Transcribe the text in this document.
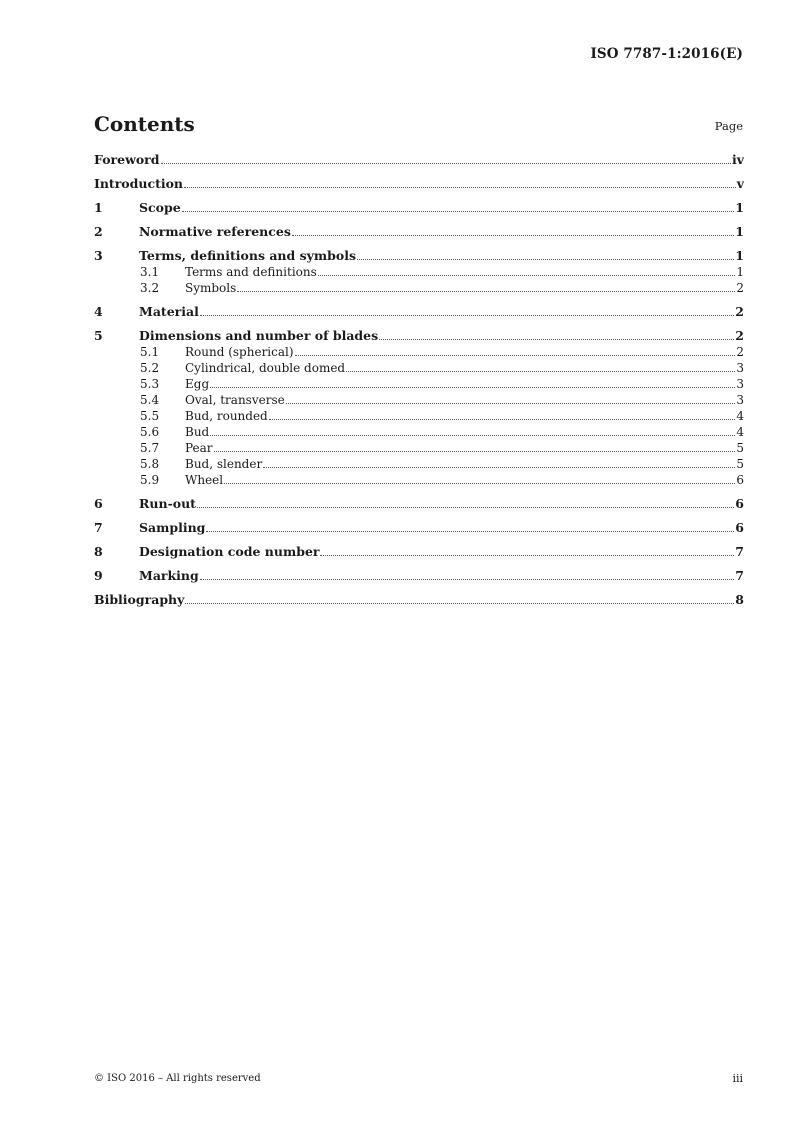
ISO 7787-1:2016(E)
Contents	Page
Foreword	iv
Introduction	v
1	Scope	1
2	Normative references	1
3	Terms, definitions and symbols	1
3.1	Terms and definitions	1
3.2	Symbols	2
4	Material	2
5	Dimensions and number of blades	2
5.1	Round (spherical)	2
5.2	Cylindrical, double domed	3
5.3	Egg	3
5.4	Oval, transverse	3
5.5	Bud, rounded	4
5.6	Bud	4
5.7	Pear	5
5.8	Bud, slender	5
5.9	Wheel	6
6	Run-out	6
7	Sampling	6
8	Designation code number	7
9	Marking	7
Bibliography	8
© ISO 2016 – All rights reserved	iii
